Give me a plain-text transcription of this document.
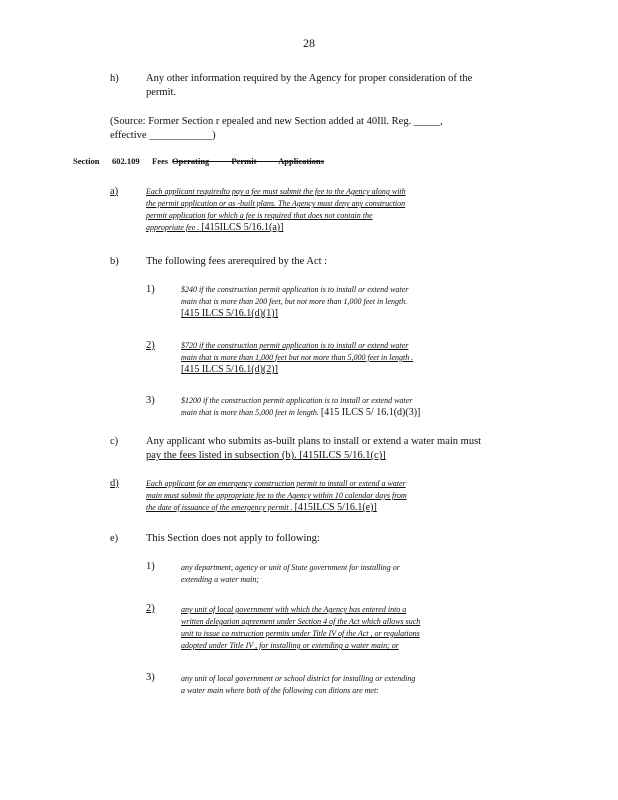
28
h)	Any other information required by the Agency for proper consideration of the
permit.
(Source: Former Section r epealed and new Section added at 40Ill. Reg. _____,
effective ____________)
Section 602.109 Fees Operating Permit Applications
a)	Each applicant requiredto pay a fee must submit the fee to the Agency along with
the permit application or as -built plans. The Agency must deny any construction
permit application for which a fee is required that does not contain the
appropriate fee . [415ILCS 5/16.1(a)]
b)	The following fees arerequired by the Act :
1)	$240 if the construction permit application is to install or extend water
main that is more than 200 feet, but not more than 1,000 feet in length.
[415 ILCS 5/16.1(d)(1)]
2)	$720 if the construction permit application is to install or extend water
main that is more than 1,000 feet but not more than 5,000 feet in length .
[415 ILCS 5/16.1(d)(2)]
3)	$1200 if the construction permit application is to install or extend water
main that is more than 5,000 feet in length. [415 ILCS 5/ 16.1(d)(3)]
c)	Any applicant who submits as-built plans to install or extend a water main must
pay the fees listed in subsection (b). [415ILCS 5/16.1(c)]
d)	Each applicant for an emergency construction permit to install or extend a water
main must submit the appropriate fee to the Agency within 10 calendar days from
the date of issuance of the emergency permit . [415ILCS 5/16.1(e)]
e)	This Section does not apply to following:
1)	any department, agency or unit of State government for installing or
extending a water main;
2)	any unit of local government with which the Agency has entered into a
written delegation agreement under Section 4 of the Act which allows such
unit to issue co nstruction permits under Title IV of the Act , or regulations
adopted under Title IV , for installing or extending a water main; or
3)	any unit of local government or school district for installing or extending
a water main where both of the following con ditions are met:
